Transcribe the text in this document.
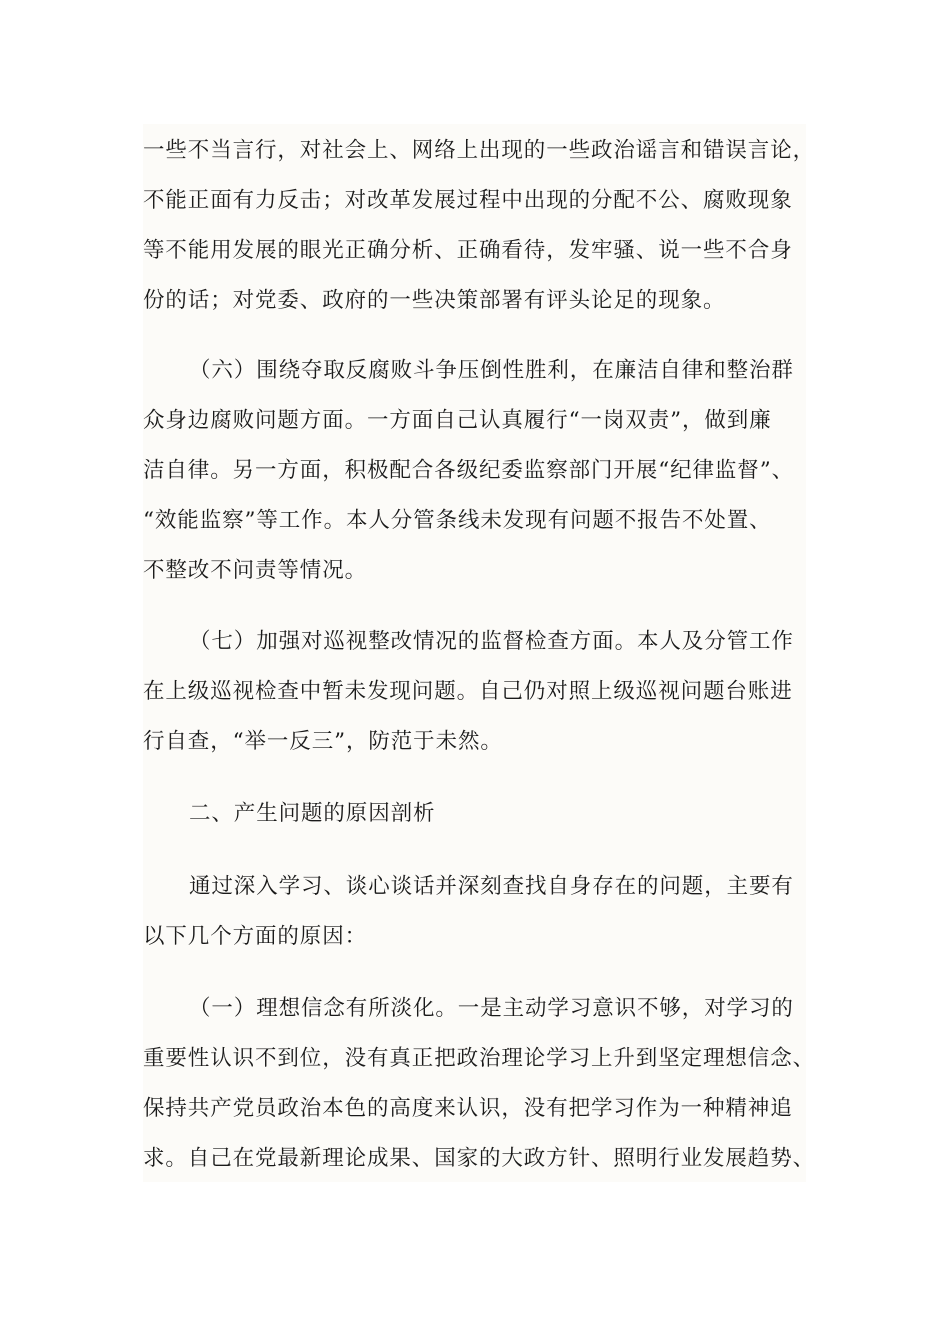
一些不当言行，对社会上、网络上出现的一些政治谣言和错误言论，
不能正面有力反击；对改革发展过程中出现的分配不公、腐败现象
等不能用发展的眼光正确分析、正确看待，发牢骚、说一些不合身
份的话；对党委、政府的一些决策部署有评头论足的现象。
（六）围绕夺取反腐败斗争压倒性胜利，在廉洁自律和整治群
众身边腐败问题方面。一方面自己认真履行“一岗双责”，做到廉
洁自律。另一方面，积极配合各级纪委监察部门开展“纪律监督”、
“效能监察”等工作。本人分管条线未发现有问题不报告不处置、
不整改不问责等情况。
（七）加强对巡视整改情况的监督检查方面。本人及分管工作
在上级巡视检查中暂未发现问题。自己仍对照上级巡视问题台账进
行自查，“举一反三”，防范于未然。
二、产生问题的原因剖析
通过深入学习、谈心谈话并深刻查找自身存在的问题，主要有
以下几个方面的原因：
（一）理想信念有所淡化。一是主动学习意识不够，对学习的
重要性认识不到位，没有真正把政治理论学习上升到坚定理想信念、
保持共产党员政治本色的高度来认识，没有把学习作为一种精神追
求。自己在党最新理论成果、国家的大政方针、照明行业发展趋势、
